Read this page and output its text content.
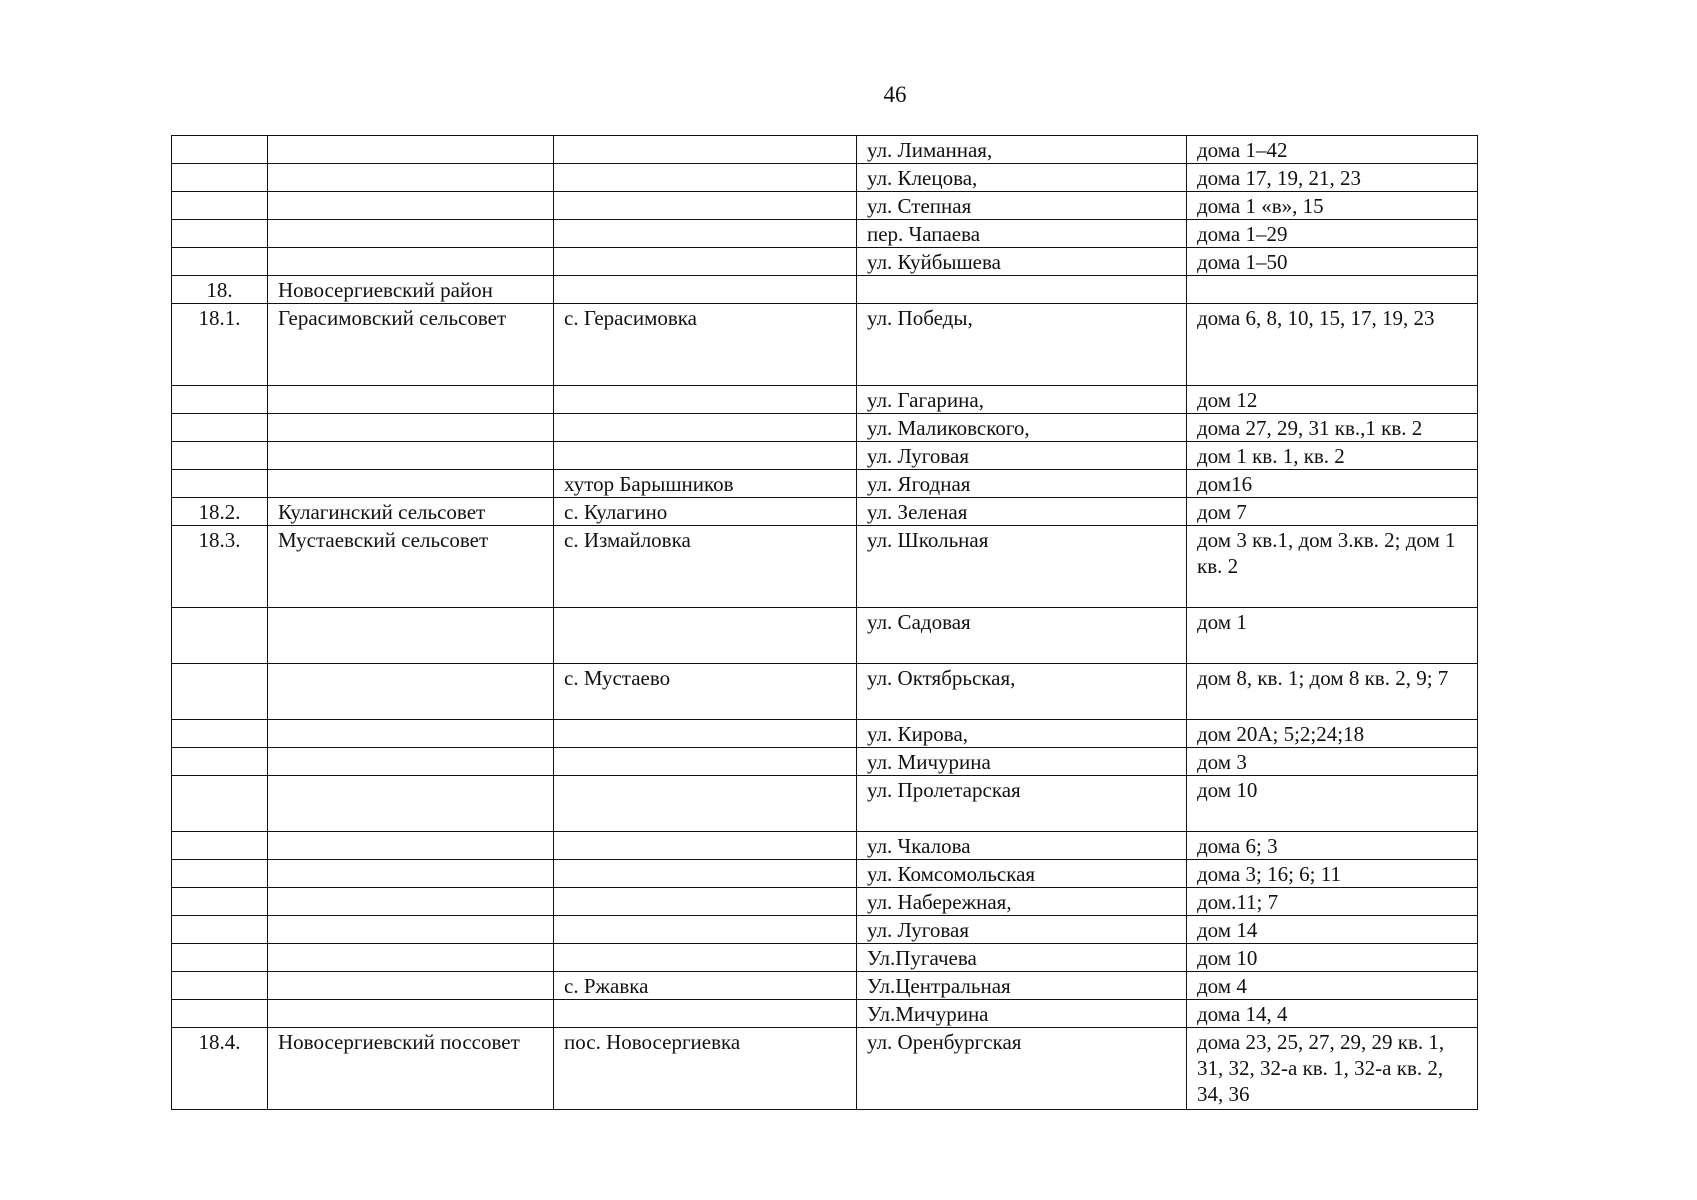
46
			ул. Лиманная,	дома 1–42
			ул. Клецова,	дома 17, 19, 21, 23
			ул. Степная	дома 1 «в», 15
			пер. Чапаева	дома 1–29
			ул. Куйбышева	дома 1–50
18.	Новосергиевский район			
18.1.	Герасимовский сельсовет	с. Герасимовка	ул. Победы,	дома 6, 8, 10, 15, 17, 19, 23
			ул. Гагарина,	дом 12
			ул. Маликовского,	дома 27, 29, 31 кв.,1 кв. 2
			ул. Луговая	дом 1 кв. 1, кв. 2
		хутор Барышников	ул. Ягодная	дом16
18.2.	Кулагинский сельсовет	с. Кулагино	ул. Зеленая	дом 7
18.3.	Мустаевский сельсовет	с. Измайловка	ул. Школьная	дом 3 кв.1, дом 3.кв. 2; дом 1 кв. 2
			ул. Садовая	дом 1
		с. Мустаево	ул. Октябрьская,	дом 8, кв. 1; дом 8 кв. 2, 9; 7
			ул. Кирова,	дом 20А; 5;2;24;18
			ул. Мичурина	дом 3
			ул. Пролетарская	дом 10
			ул. Чкалова	дома 6; 3
			ул. Комсомольская	дома 3; 16; 6; 11
			ул. Набережная,	дом.11; 7
			ул. Луговая	дом 14
			Ул.Пугачева	дом 10
		с. Ржавка	Ул.Центральная	дом 4
			Ул.Мичурина	дома 14, 4
18.4.	Новосергиевский поссовет	пос. Новосергиевка	ул. Оренбургская	дома 23, 25, 27, 29, 29 кв. 1, 31, 32, 32-а кв. 1, 32-а кв. 2, 34, 36
